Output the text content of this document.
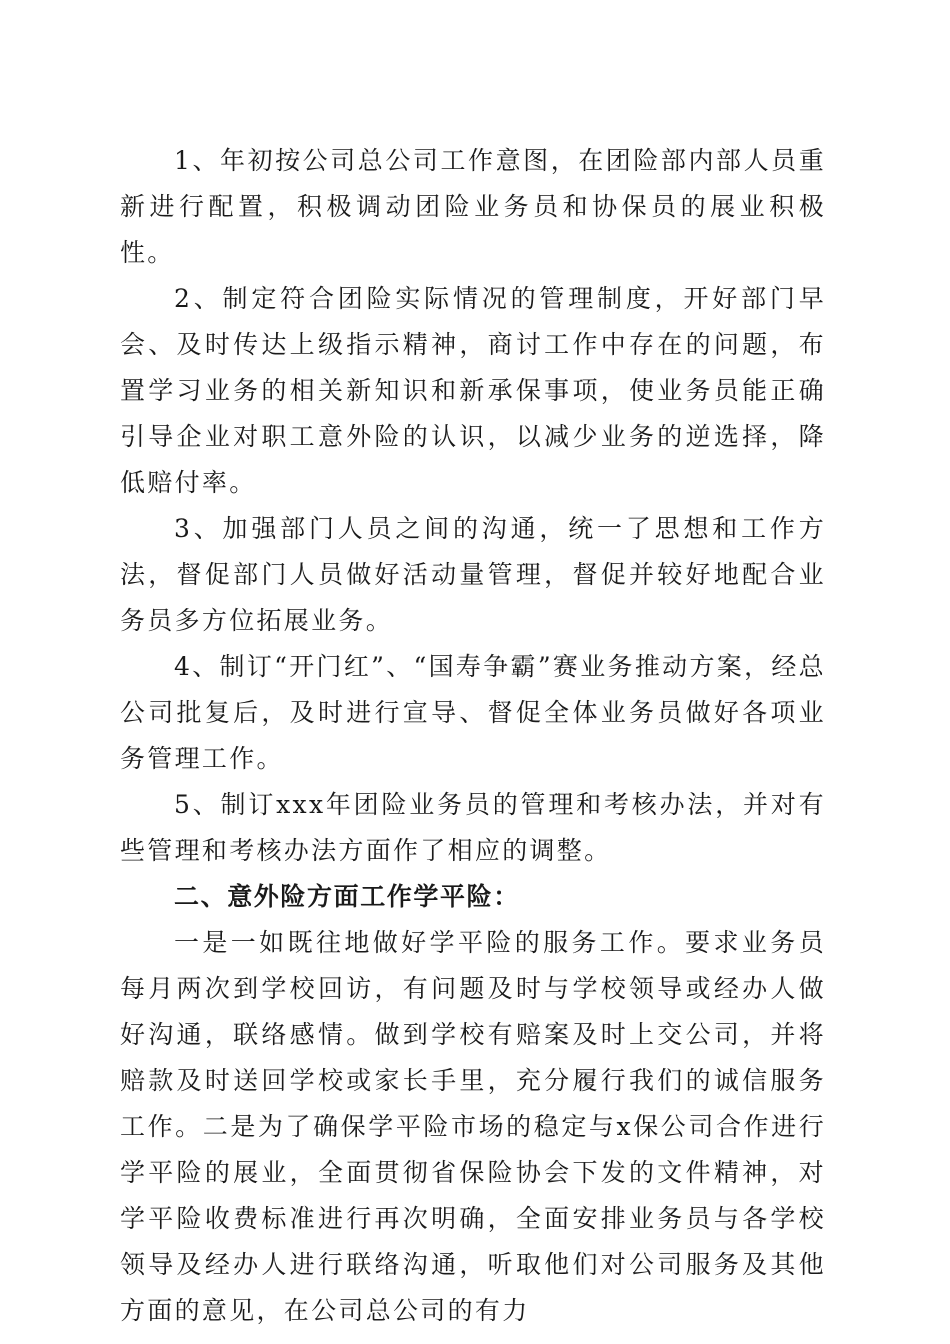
1、年初按公司总公司工作意图，在团险部内部人员重新进行配置，积极调动团险业务员和协保员的展业积极性。

2、制定符合团险实际情况的管理制度，开好部门早会、及时传达上级指示精神，商讨工作中存在的问题，布置学习业务的相关新知识和新承保事项，使业务员能正确引导企业对职工意外险的认识，以减少业务的逆选择，降低赔付率。

3、加强部门人员之间的沟通，统一了思想和工作方法，督促部门人员做好活动量管理，督促并较好地配合业务员多方位拓展业务。

4、制订“开门红”、“国寿争霸”赛业务推动方案，经总公司批复后，及时进行宣导、督促全体业务员做好各项业务管理工作。

5、制订xxx年团险业务员的管理和考核办法，并对有些管理和考核办法方面作了相应的调整。

二、意外险方面工作学平险：

一是一如既往地做好学平险的服务工作。要求业务员每月两次到学校回访，有问题及时与学校领导或经办人做好沟通，联络感情。做到学校有赔案及时上交公司，并将赔款及时送回学校或家长手里，充分履行我们的诚信服务工作。二是为了确保学平险市场的稳定与x保公司合作进行学平险的展业，全面贯彻省保险协会下发的文件精神，对学平险收费标准进行再次明确，全面安排业务员与各学校领导及经办人进行联络沟通，听取他们对公司服务及其他方面的意见，在公司总公司的有力
